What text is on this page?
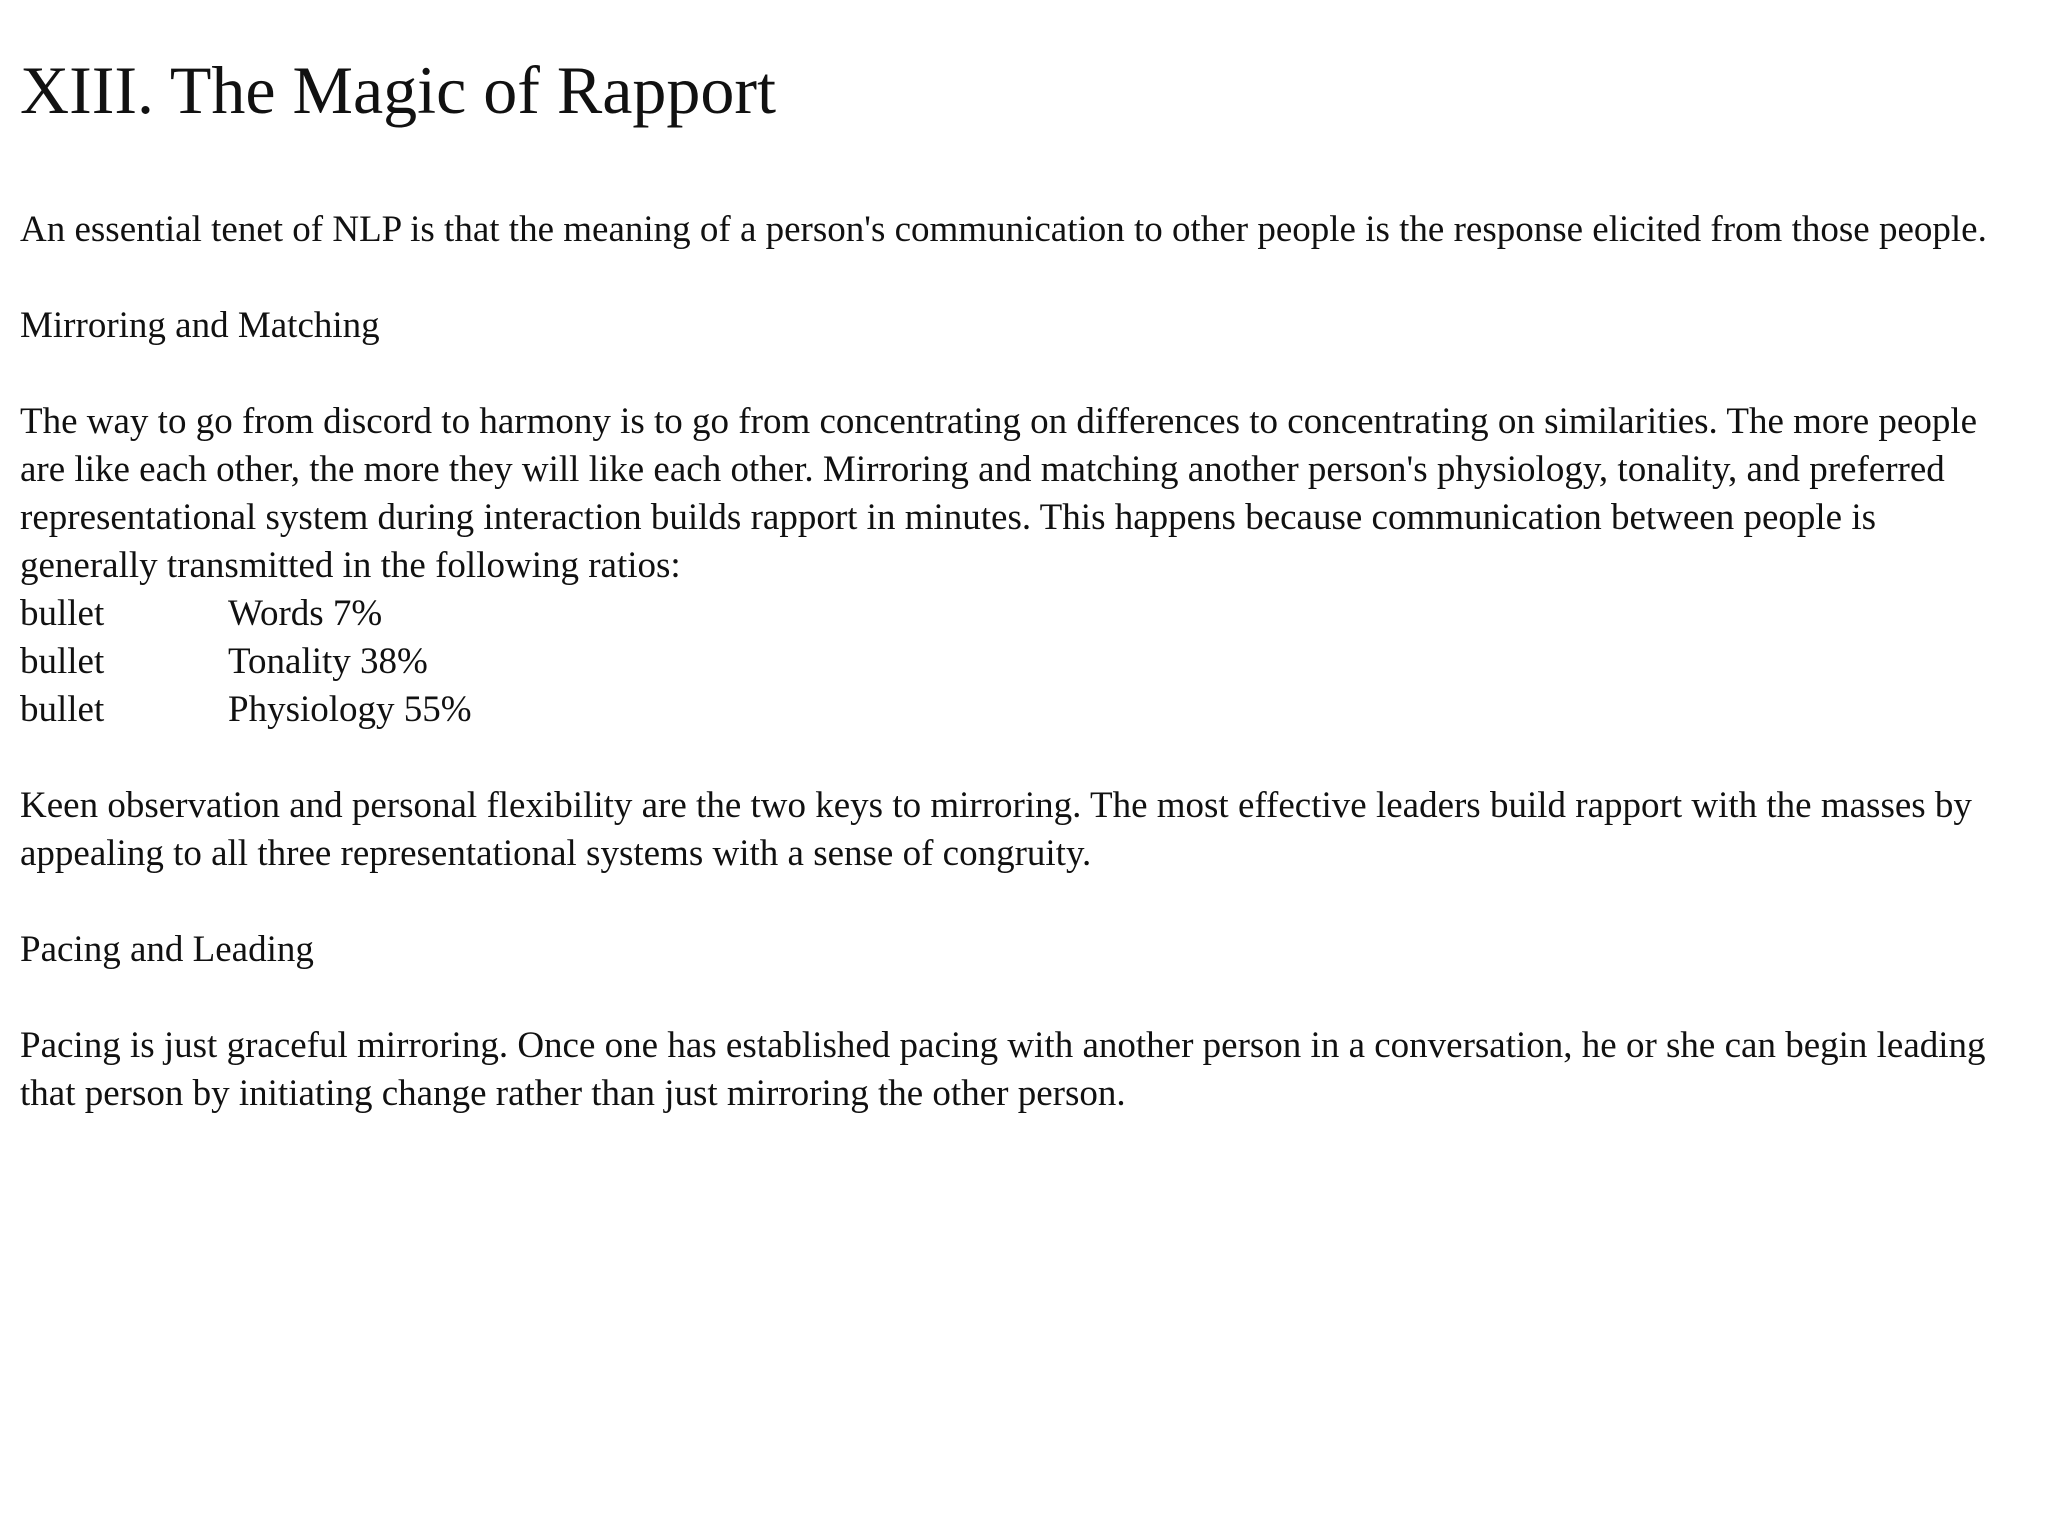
XIII. The Magic of Rapport

An essential tenet of NLP is that the meaning of a person's communication to other people is the response elicited from those people.

Mirroring and Matching

The way to go from discord to harmony is to go from concentrating on differences to concentrating on similarities. The more people are like each other, the more they will like each other. Mirroring and matching another person's physiology, tonality, and preferred representational system during interaction builds rapport in minutes. This happens because communication between people is generally transmitted in the following ratios:

bullet	Words 7%
bullet	Tonality 38%
bullet	Physiology 55%

Keen observation and personal flexibility are the two keys to mirroring. The most effective leaders build rapport with the masses by appealing to all three representational systems with a sense of congruity.

Pacing and Leading

Pacing is just graceful mirroring. Once one has established pacing with another person in a conversation, he or she can begin leading that person by initiating change rather than just mirroring the other person.
